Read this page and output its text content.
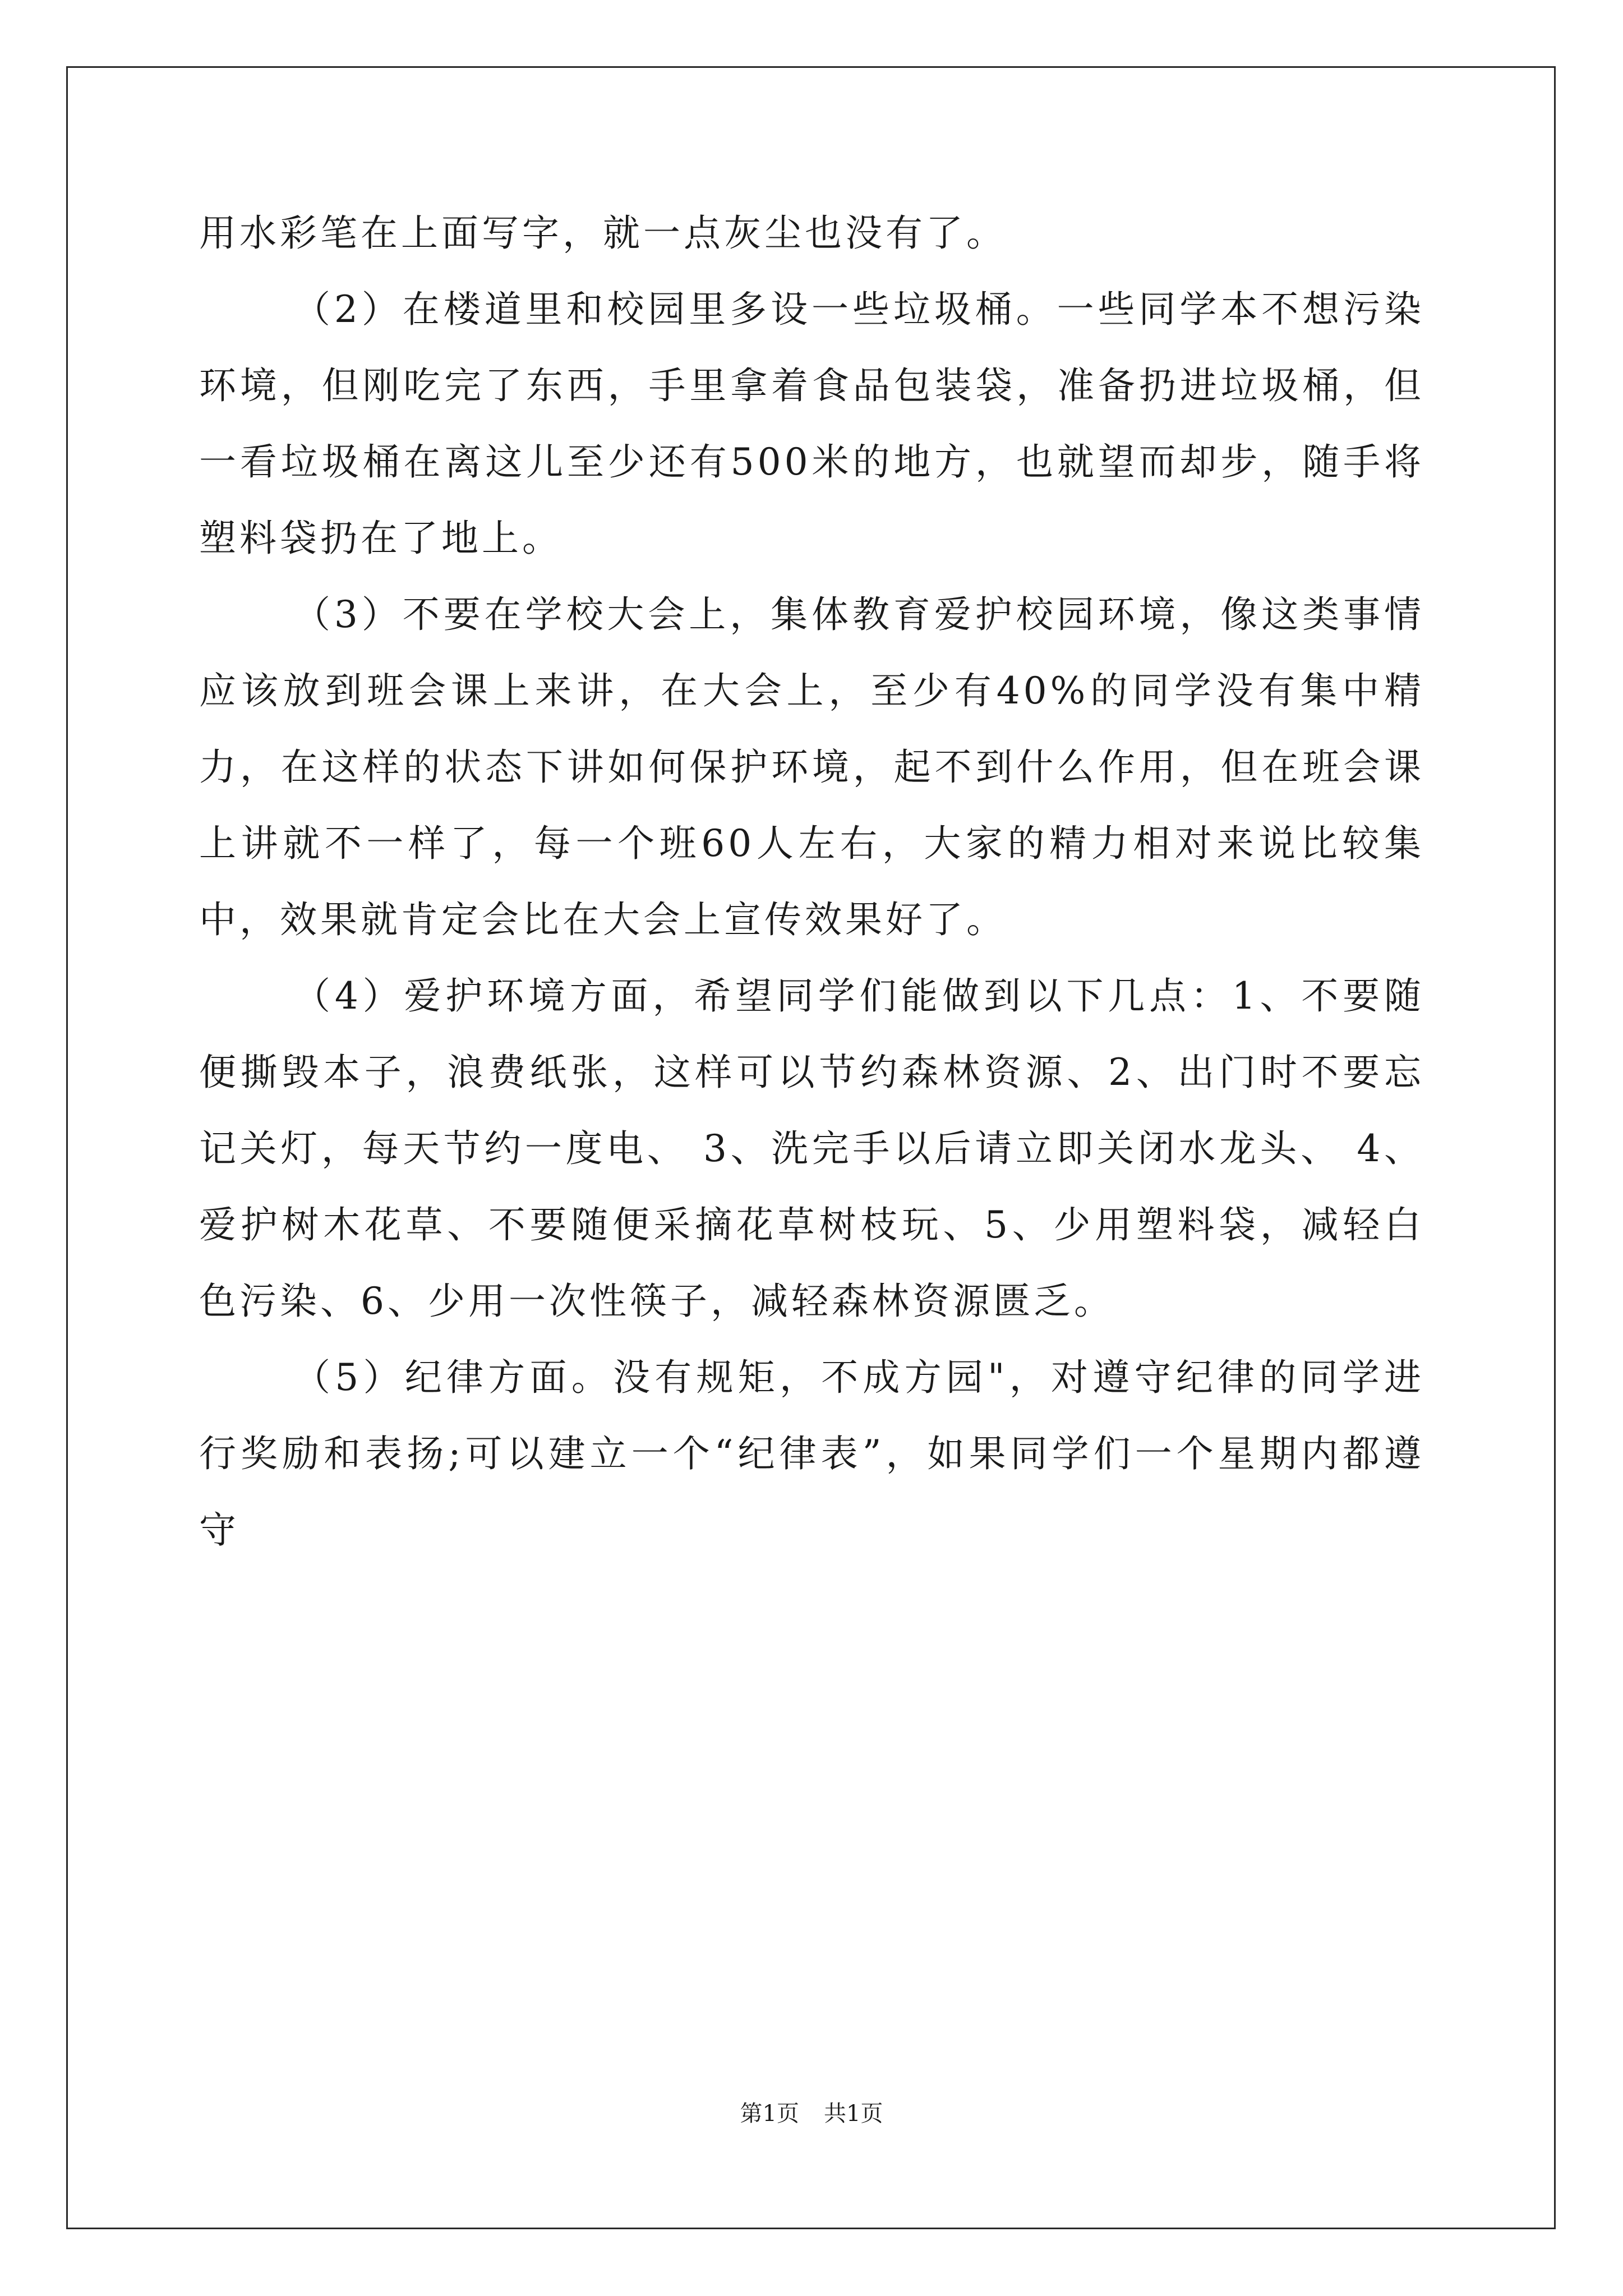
用水彩笔在上面写字，就一点灰尘也没有了。

（2）在楼道里和校园里多设一些垃圾桶。一些同学本不想污染环境，但刚吃完了东西，手里拿着食品包装袋，准备扔进垃圾桶，但一看垃圾桶在离这儿至少还有500米的地方，也就望而却步，随手将塑料袋扔在了地上。

（3）不要在学校大会上，集体教育爱护校园环境，像这类事情应该放到班会课上来讲，在大会上，至少有40%的同学没有集中精力，在这样的状态下讲如何保护环境，起不到什么作用，但在班会课上讲就不一样了，每一个班60人左右，大家的精力相对来说比较集中，效果就肯定会比在大会上宣传效果好了。

（4）爱护环境方面，希望同学们能做到以下几点：1、不要随便撕毁本子，浪费纸张，这样可以节约森林资源、2、出门时不要忘记关灯，每天节约一度电、 3、洗完手以后请立即关闭水龙头、 4、爱护树木花草、不要随便采摘花草树枝玩、5、少用塑料袋，减轻白色污染、6、少用一次性筷子，减轻森林资源匮乏。

（5）纪律方面。没有规矩，不成方园"，对遵守纪律的同学进行奖励和表扬;可以建立一个“纪律表”，如果同学们一个星期内都遵守

第1页 共1页
